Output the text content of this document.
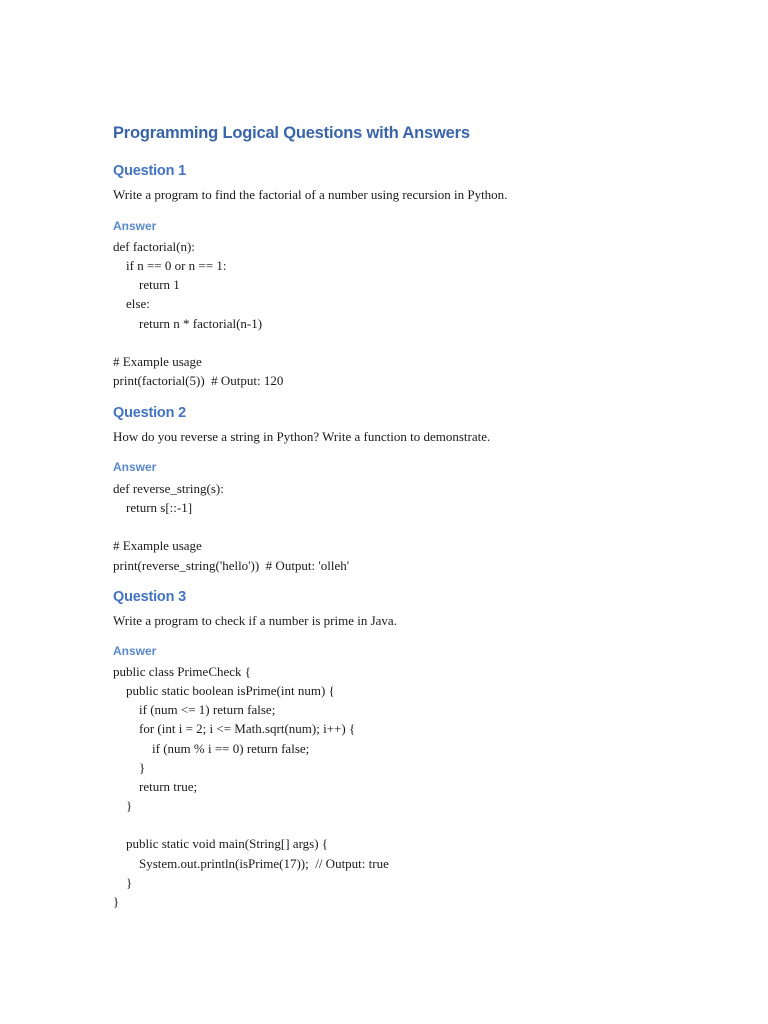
Programming Logical Questions with Answers
Question 1

Write a program to find the factorial of a number using recursion in Python.

Answer
def factorial(n):
if n == 0 or n == 1:
return 1
else:
return n * factorial(n-1)

# Example usage
print(factorial(5))  # Output: 120
Question 2

How do you reverse a string in Python? Write a function to demonstrate.

Answer
def reverse_string(s):
return s[::-1]

# Example usage
print(reverse_string('hello'))  # Output: 'olleh'
Question 3

Write a program to check if a number is prime in Java.

Answer
public class PrimeCheck {
public static boolean isPrime(int num) {
if (num <= 1) return false;
for (int i = 2; i <= Math.sqrt(num); i++) {
if (num % i == 0) return false;
}
return true;
}

public static void main(String[] args) {
System.out.println(isPrime(17));  // Output: true
}
}
